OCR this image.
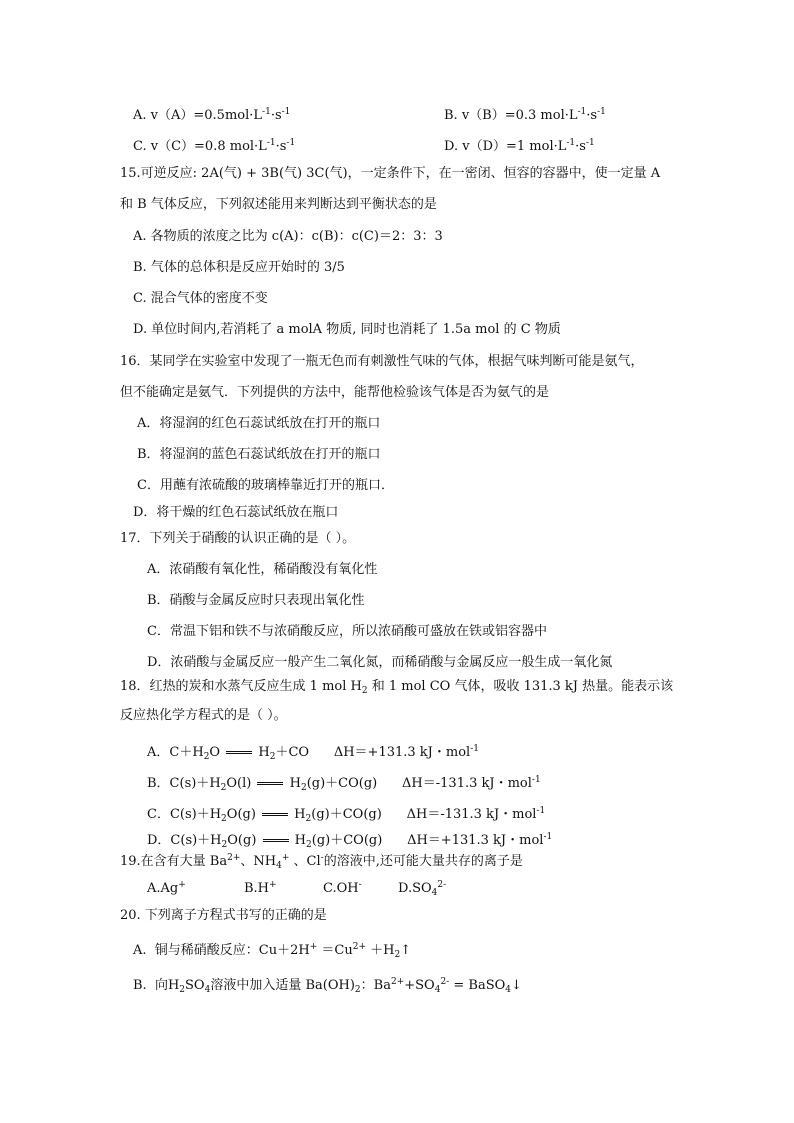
A. $v(A)=0.5mol\cdot L^{-1}\cdot s^{-1}$	B. v（B）=0.3 $mol\cdot L^{-1}\cdot s^{-1}$
C. v（C）=0.8 $mol\cdot L^{-1}\cdot s^{-1}$	D. v（D）=1 $mol\cdot L^{-1}\cdot s^{-1}$
15.可逆反应: 2A(气) + 3B(气) 3C(气)，一定条件下，在一密闭、恒容的容器中，使一定量 A
和 B 气体反应，下列叙述能用来判断达到平衡状态的是
A. 各物质的浓度之比为 c(A)：c(B)：c(C)＝2：3：3
B. 气体的总体积是反应开始时的 3/5
C. 混合气体的密度不变
D. 单位时间内,若消耗了 a molA 物质, 同时也消耗了 1.5a mol 的 C 物质
16．某同学在实验室中发现了一瓶无色而有刺激性气味的气体，根据气味判断可能是氨气，
但不能确定是氨气．下列提供的方法中，能帮他检验该气体是否为氨气的是
A．将湿润的红色石蕊试纸放在打开的瓶口
B．将湿润的蓝色石蕊试纸放在打开的瓶口
C．用蘸有浓硫酸的玻璃棒靠近打开的瓶口．
D．将干燥的红色石蕊试纸放在瓶口
17．下列关于硝酸的认识正确的是（ ）。
A．浓硝酸有氧化性，稀硝酸没有氧化性
B．硝酸与金属反应时只表现出氧化性
C．常温下铝和铁不与浓硝酸反应，所以浓硝酸可盛放在铁或铝容器中
D．浓硝酸与金属反应一般产生二氧化氮，而稀硝酸与金属反应一般生成一氧化氮
18．红热的炭和水蒸气反应生成 1 mol $H_2$ 和 1 mol CO 气体，吸收 131.3 kJ 热量。能表示该
反应热化学方程式的是（ ）。
A．$C+H_2O$  $H_2+CO$      ΔH＝+131.3 kJ・mol$^{-1}$
B．$C(s)+H_2O(l)$  $H_2(g)+CO(g)$      ΔH＝-131.3 kJ・mol$^{-1}$
C．$C(s)+H_2O(g)$  $H_2(g)+CO(g)$      ΔH＝-131.3 kJ・mol$^{-1}$
D．$C(s)+H_2O(g)$  $H_2(g)+CO(g)$      ΔH＝+131.3 kJ・mol$^{-1}$
19.在含有大量 $Ba^{2+}$、$NH_4^+$ 、Cl-的溶液中,还可能大量共存的离子是
A.Ag+	B.H+	C.OH-	$D.SO_4^{2-}$
20. 下列离子方程式书写的正确的是
A.  铜与稀硝酸反应：$Cu+2H^+ =Cu^{2+}$ $+H_2↑$
B.  向$H_2SO_4$溶液中加入适量 $Ba(OH)_2$：$Ba^{2+}+SO_4^{2-}$ = BaSO$_4$↓
